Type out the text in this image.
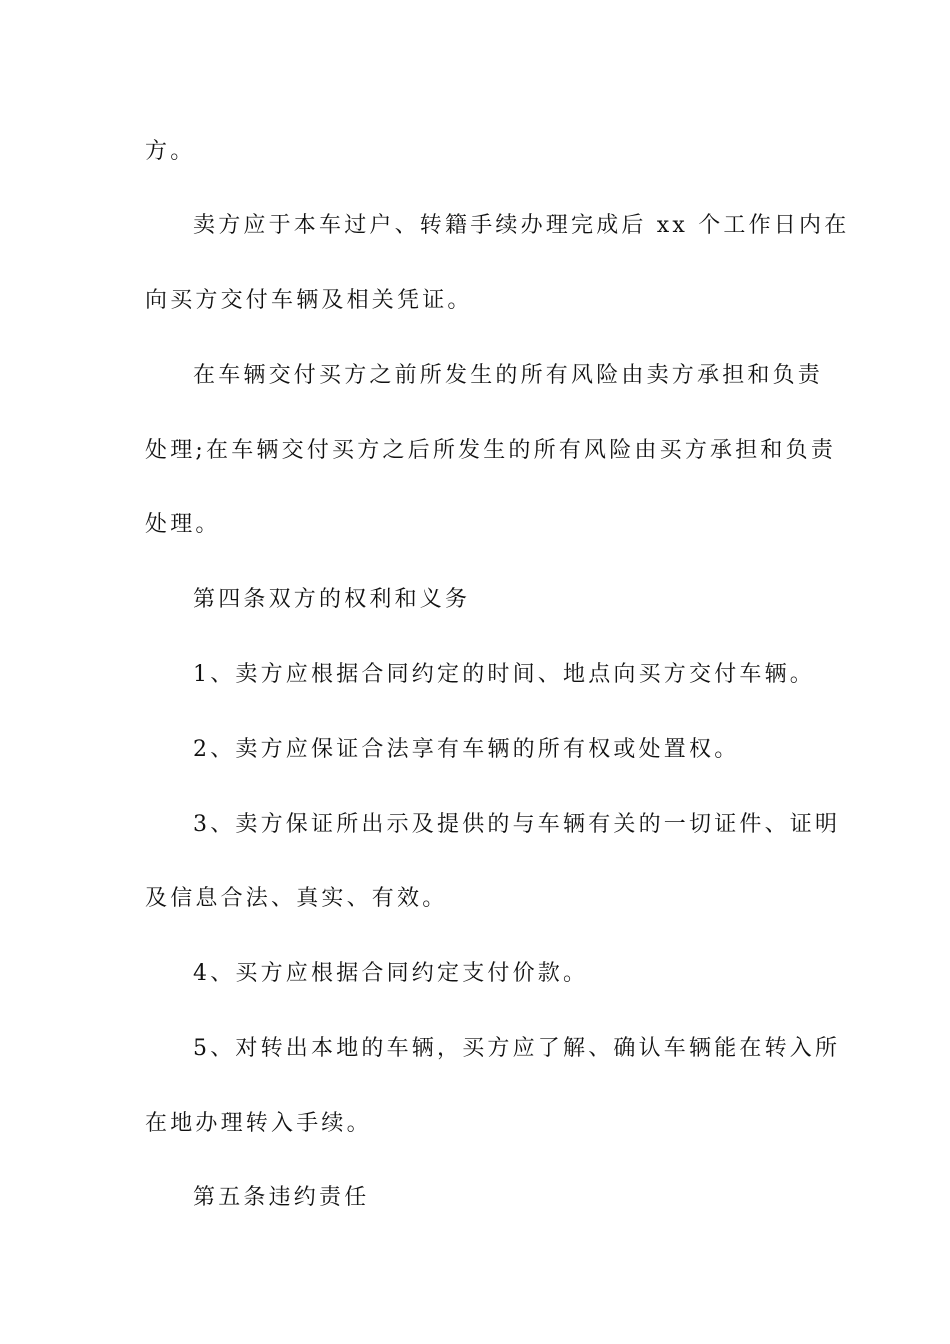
方。
卖方应于本车过户、转籍手续办理完成后 xx 个工作日内在
向买方交付车辆及相关凭证。
在车辆交付买方之前所发生的所有风险由卖方承担和负责
处理;在车辆交付买方之后所发生的所有风险由买方承担和负责
处理。
第四条双方的权利和义务
1、卖方应根据合同约定的时间、地点向买方交付车辆。
2、卖方应保证合法享有车辆的所有权或处置权。
3、卖方保证所出示及提供的与车辆有关的一切证件、证明
及信息合法、真实、有效。
4、买方应根据合同约定支付价款。
5、对转出本地的车辆，买方应了解、确认车辆能在转入所
在地办理转入手续。
第五条违约责任
